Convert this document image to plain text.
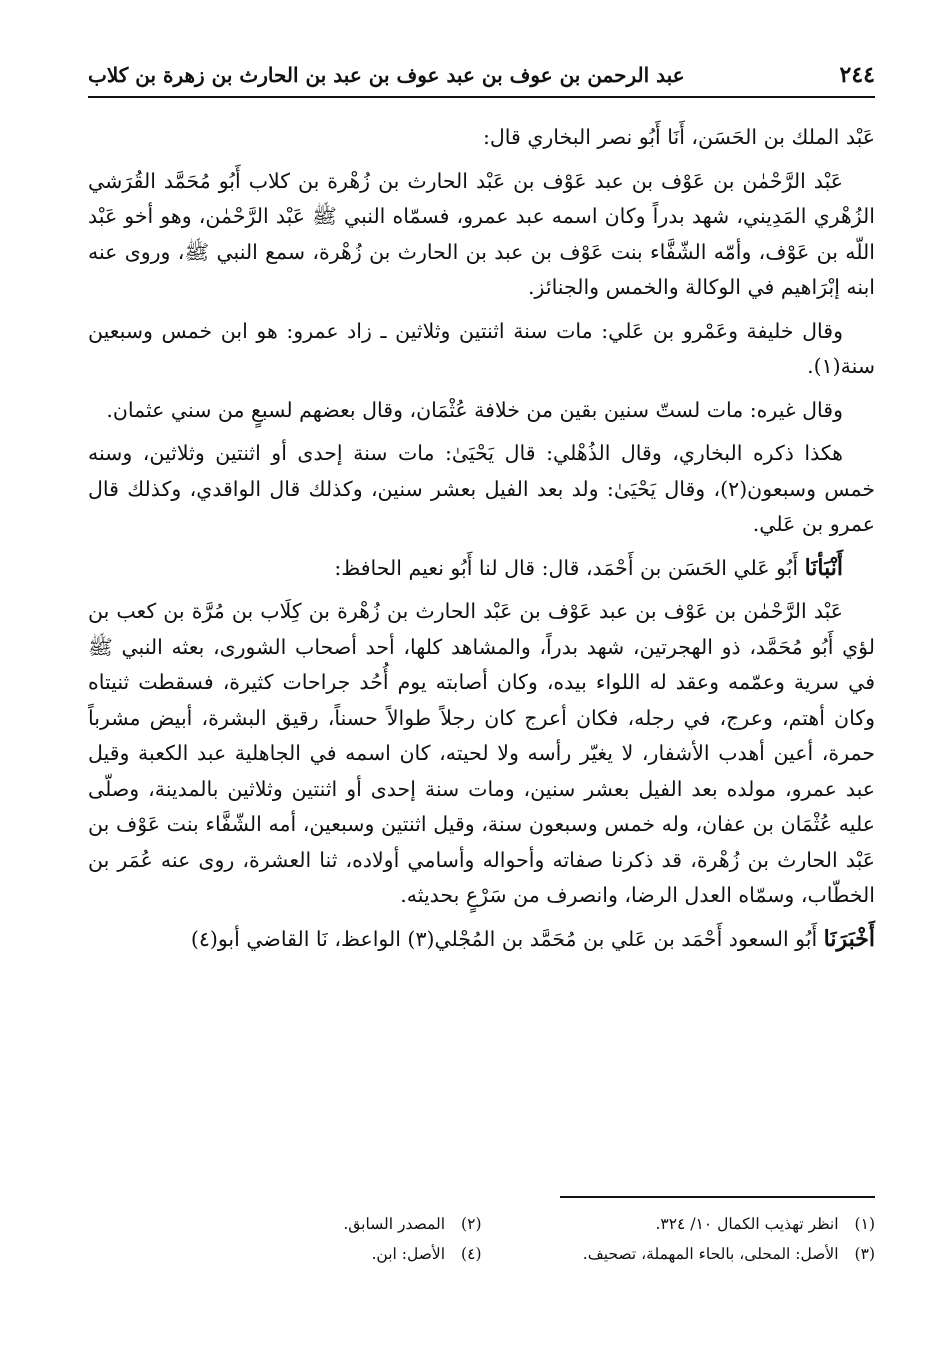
٢٤٤
عبد الرحمن بن عوف بن عبد عوف بن عبد بن الحارث بن زهرة بن كلاب

عَبْد الملك بن الحَسَن، أَنَا أَبُو نصر البخاري قال:

عَبْد الرَّحْمٰن بن عَوْف بن عبد عَوْف بن عَبْد الحارث بن زُهْرة بن كلاب أَبُو مُحَمَّد القُرَشي الزُهْري المَدِيني، شهد بدراً وكان اسمه عبد عمرو، فسمّاه النبي ﷺ عَبْد الرَّحْمٰن، وهو أخو عَبْد اللّه بن عَوْف، وأمّه الشّفَّاء بنت عَوْف بن عبد بن الحارث بن زُهْرة، سمع النبي ﷺ، وروى عنه ابنه إبْرَاهيم في الوكالة والخمس والجنائز.

وقال خليفة وعَمْرو بن عَلي: مات سنة اثنتين وثلاثين ـ زاد عمرو: هو ابن خمس وسبعين سنة(١).

وقال غيره: مات لستّ سنين بقين من خلافة عُثْمَان، وقال بعضهم لسبعٍ من سني عثمان.

هكذا ذكره البخاري، وقال الذُهْلي: قال يَحْيَىٰ: مات سنة إحدى أو اثنتين وثلاثين، وسنه خمس وسبعون(٢)، وقال يَحْيَىٰ: ولد بعد الفيل بعشر سنين، وكذلك قال الواقدي، وكذلك قال عمرو بن عَلي.

أَنْبَأنَا أَبُو عَلي الحَسَن بن أَحْمَد، قال: قال لنا أَبُو نعيم الحافظ:

عَبْد الرَّحْمٰن بن عَوْف بن عبد عَوْف بن عَبْد الحارث بن زُهْرة بن كِلَاب بن مُرَّة بن كعب بن لؤي أَبُو مُحَمَّد، ذو الهجرتين، شهد بدراً، والمشاهد كلها، أحد أصحاب الشورى، بعثه النبي ﷺ في سرية وعمّمه وعقد له اللواء بيده، وكان أصابته يوم أُحُد جراحات كثيرة، فسقطت ثنيتاه وكان أهتم، وعرج، في رجله، فكان أعرج كان رجلاً طوالاً حسناً، رقيق البشرة، أبيض مشرباً حمرة، أعين أهدب الأشفار، لا يغيّر رأسه ولا لحيته، كان اسمه في الجاهلية عبد الكعبة وقيل عبد عمرو، مولده بعد الفيل بعشر سنين، ومات سنة إحدى أو اثنتين وثلاثين بالمدينة، وصلّى عليه عُثْمَان بن عفان، وله خمس وسبعون سنة، وقيل اثنتين وسبعين، أمه الشّفَّاء بنت عَوْف بن عَبْد الحارث بن زُهْرة، قد ذكرنا صفاته وأحواله وأسامي أولاده، ثنا العشرة، روى عنه عُمَر بن الخطّاب، وسمّاه العدل الرضا، وانصرف من سَرْعٍ بحديثه.

أَخْبَرَنَا أَبُو السعود أَحْمَد بن عَلي بن مُحَمَّد بن المُجْلي(٣) الواعظ، نَا القاضي أبو(٤)

(١)انظر تهذيب الكمال ١٠/ ٣٢٤.
(٢)المصدر السابق.
(٣)الأصل: المحلى، بالحاء المهملة، تصحيف.
(٤)الأصل: ابن.
